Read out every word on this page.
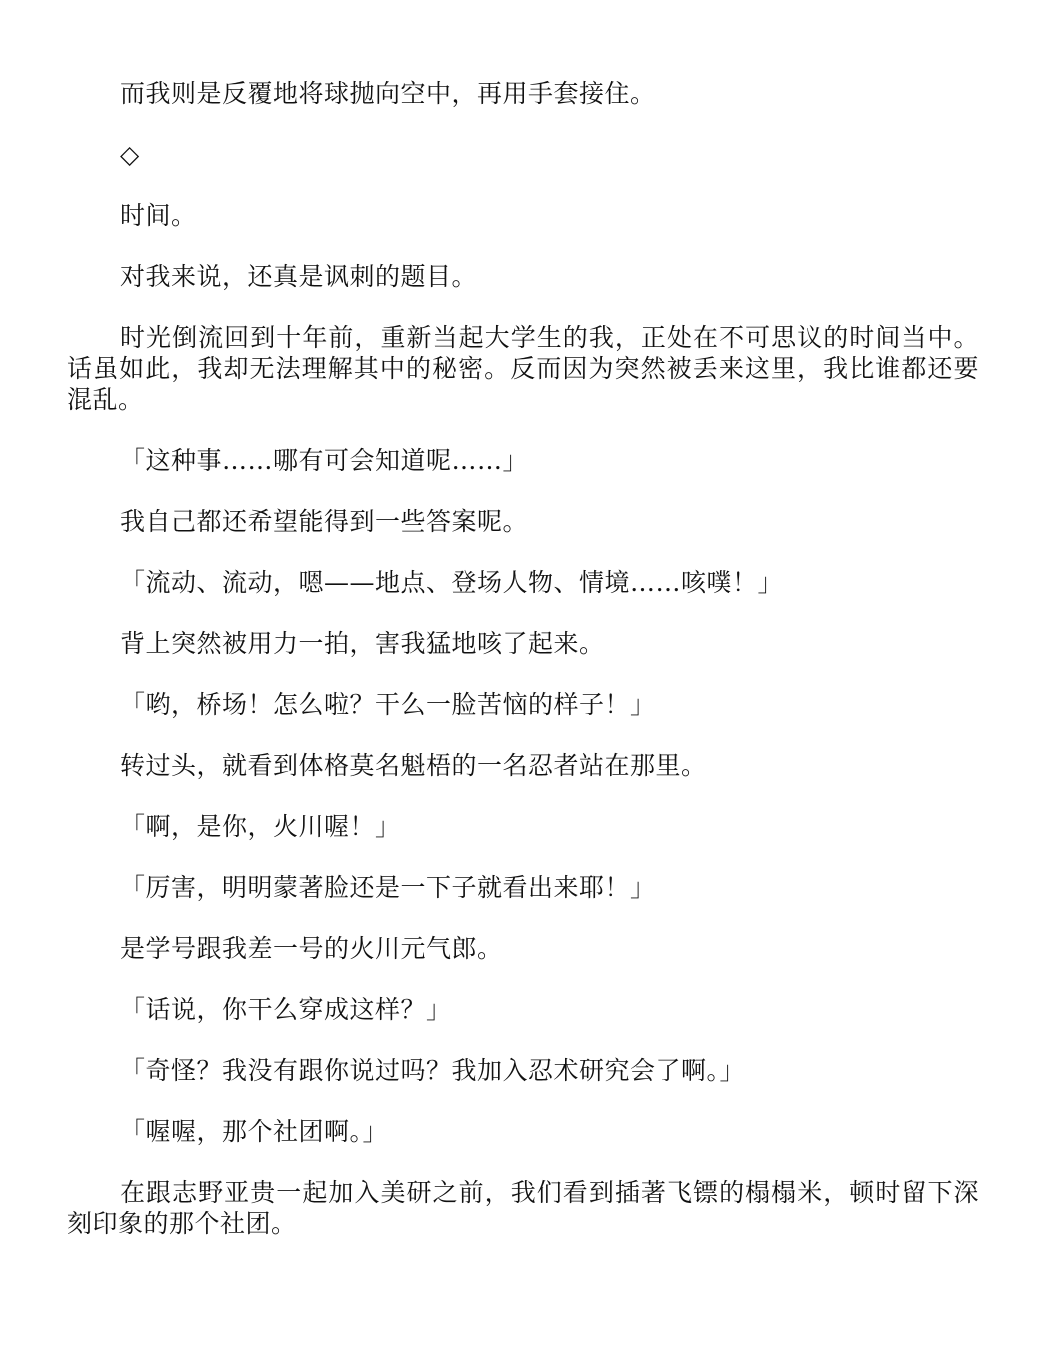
而我则是反覆地将球抛向空中，再用手套接住。

◇

时间。

对我来说，还真是讽刺的题目。

时光倒流回到十年前，重新当起大学生的我，正处在不可思议的时间当中。话虽如此，我却无法理解其中的秘密。反而因为突然被丢来这里，我比谁都还要混乱。

「这种事……哪有可会知道呢……」

我自己都还希望能得到一些答案呢。

「流动、流动，嗯——地点、登场人物、情境……咳噗！」

背上突然被用力一拍，害我猛地咳了起来。

「哟，桥场！怎么啦？干么一脸苦恼的样子！」

转过头，就看到体格莫名魁梧的一名忍者站在那里。

「啊，是你，火川喔！」

「厉害，明明蒙著脸还是一下子就看出来耶！」

是学号跟我差一号的火川元气郎。

「话说，你干么穿成这样？」

「奇怪？我没有跟你说过吗？我加入忍术研究会了啊。」

「喔喔，那个社团啊。」

在跟志野亚贵一起加入美研之前，我们看到插著飞镖的榻榻米，顿时留下深刻印象的那个社团。
